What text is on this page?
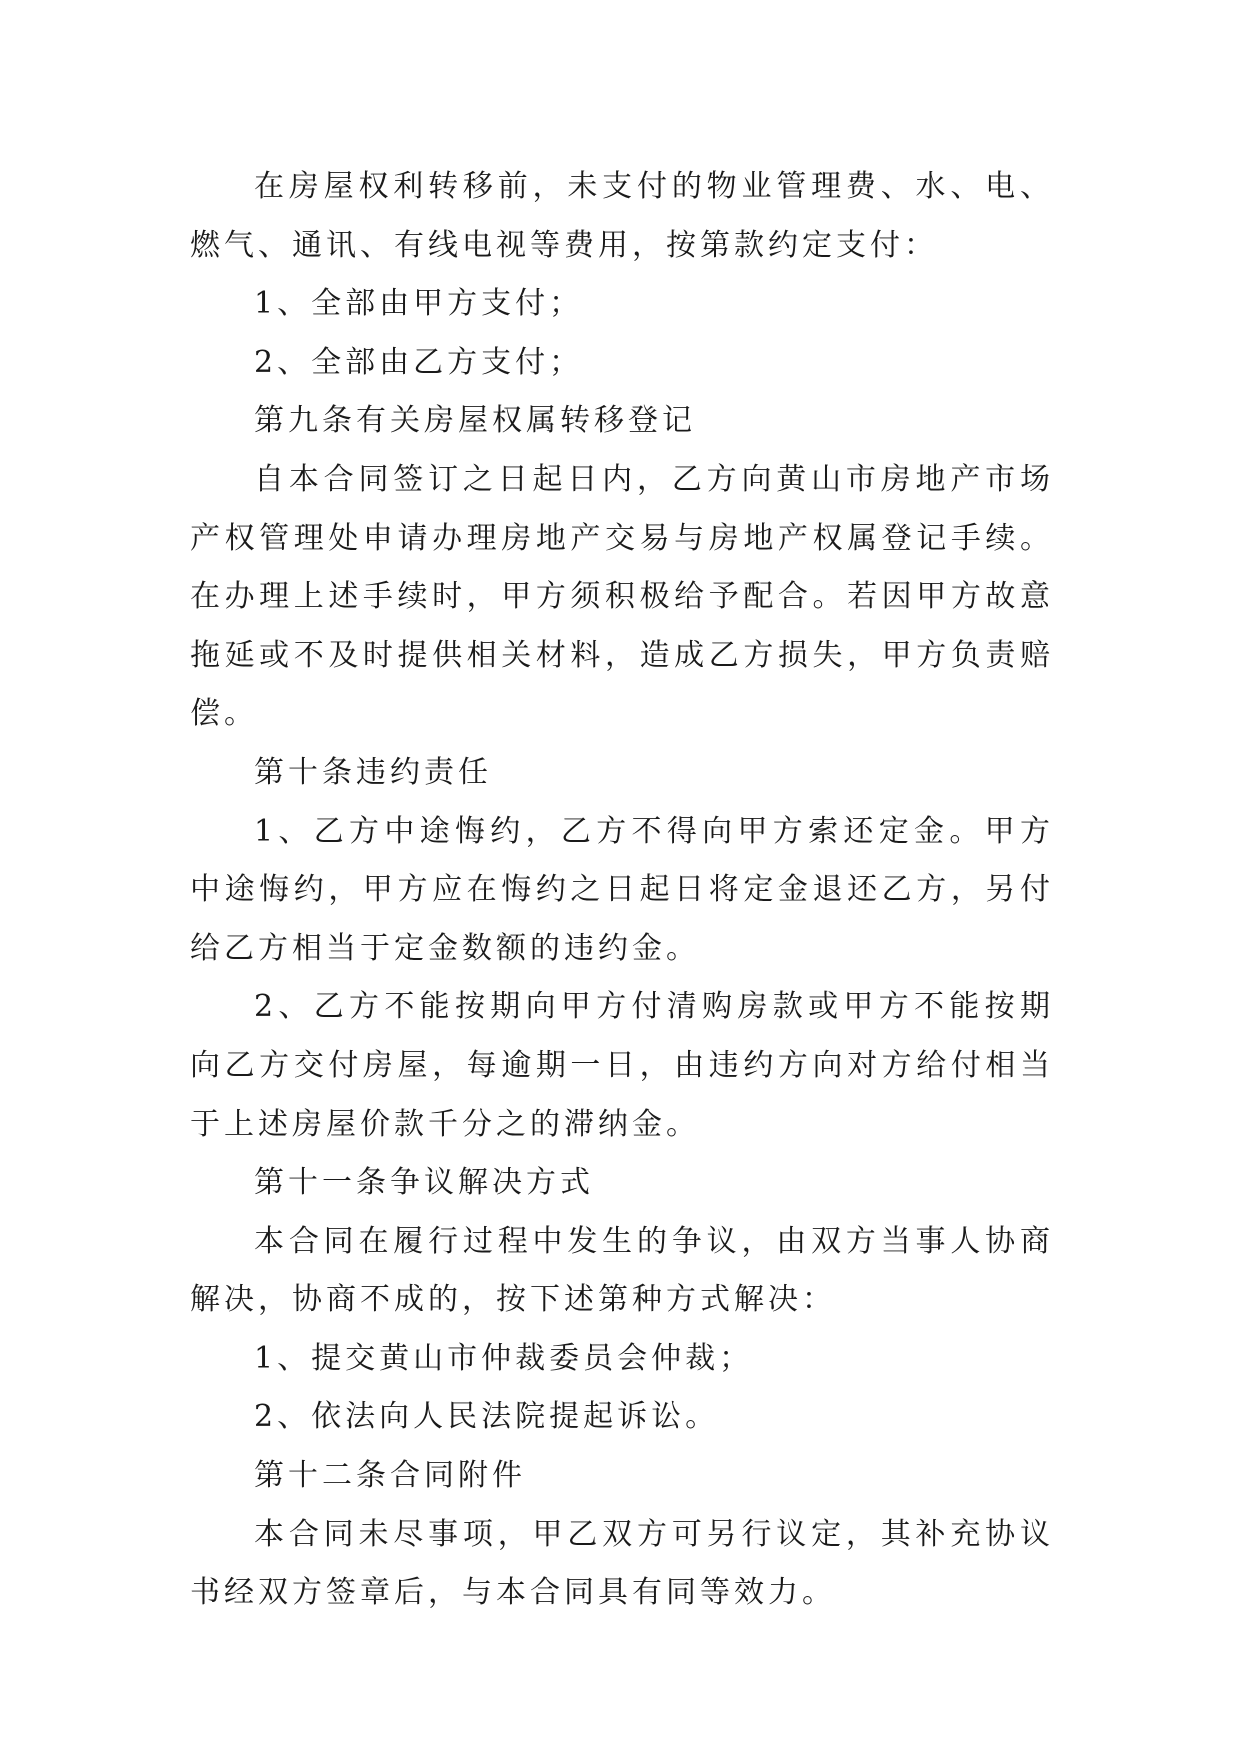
在房屋权利转移前，未支付的物业管理费、水、电、燃气、通讯、有线电视等费用，按第款约定支付：

1、全部由甲方支付；

2、全部由乙方支付；

第九条有关房屋权属转移登记

自本合同签订之日起日内，乙方向黄山市房地产市场产权管理处申请办理房地产交易与房地产权属登记手续。在办理上述手续时，甲方须积极给予配合。若因甲方故意拖延或不及时提供相关材料，造成乙方损失，甲方负责赔偿。

第十条违约责任

1、乙方中途悔约，乙方不得向甲方索还定金。甲方中途悔约，甲方应在悔约之日起日将定金退还乙方，另付给乙方相当于定金数额的违约金。

2、乙方不能按期向甲方付清购房款或甲方不能按期向乙方交付房屋，每逾期一日，由违约方向对方给付相当于上述房屋价款千分之的滞纳金。

第十一条争议解决方式

本合同在履行过程中发生的争议，由双方当事人协商解决，协商不成的，按下述第种方式解决：

1、提交黄山市仲裁委员会仲裁；

2、依法向人民法院提起诉讼。

第十二条合同附件

本合同未尽事项，甲乙双方可另行议定，其补充协议书经双方签章后，与本合同具有同等效力。
